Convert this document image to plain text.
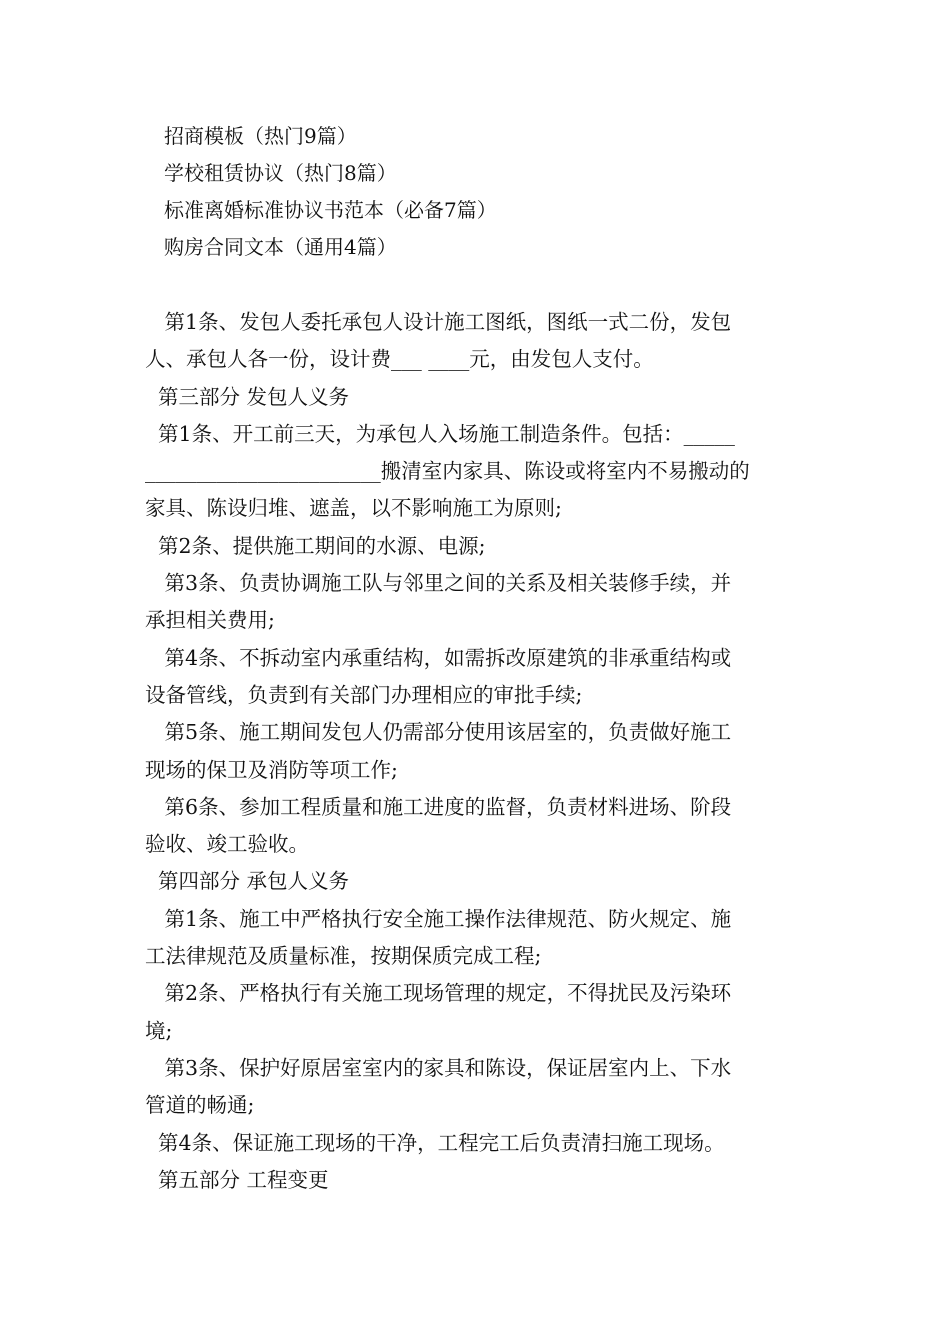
招商模板（热门9篇）
学校租赁协议（热门8篇）
标准离婚标准协议书范本（必备7篇）
购房合同文本（通用4篇）
第1条、发包人委托承包人设计施工图纸，图纸一式二份，发包
人、承包人各一份，设计费___ ____元，由发包人支付。
第三部分 发包人义务
第1条、开工前三天，为承包人入场施工制造条件。包括：_____
_______________________搬清室内家具、陈设或将室内不易搬动的
家具、陈设归堆、遮盖，以不影响施工为原则;
第2条、提供施工期间的水源、电源;
第3条、负责协调施工队与邻里之间的关系及相关装修手续，并
承担相关费用;
第4条、不拆动室内承重结构，如需拆改原建筑的非承重结构或
设备管线，负责到有关部门办理相应的审批手续;
第5条、施工期间发包人仍需部分使用该居室的，负责做好施工
现场的保卫及消防等项工作;
第6条、参加工程质量和施工进度的监督，负责材料进场、阶段
验收、竣工验收。
第四部分 承包人义务
第1条、施工中严格执行安全施工操作法律规范、防火规定、施
工法律规范及质量标准，按期保质完成工程;
第2条、严格执行有关施工现场管理的规定，不得扰民及污染环
境;
第3条、保护好原居室室内的家具和陈设，保证居室内上、下水
管道的畅通;
第4条、保证施工现场的干净，工程完工后负责清扫施工现场。
第五部分 工程变更
